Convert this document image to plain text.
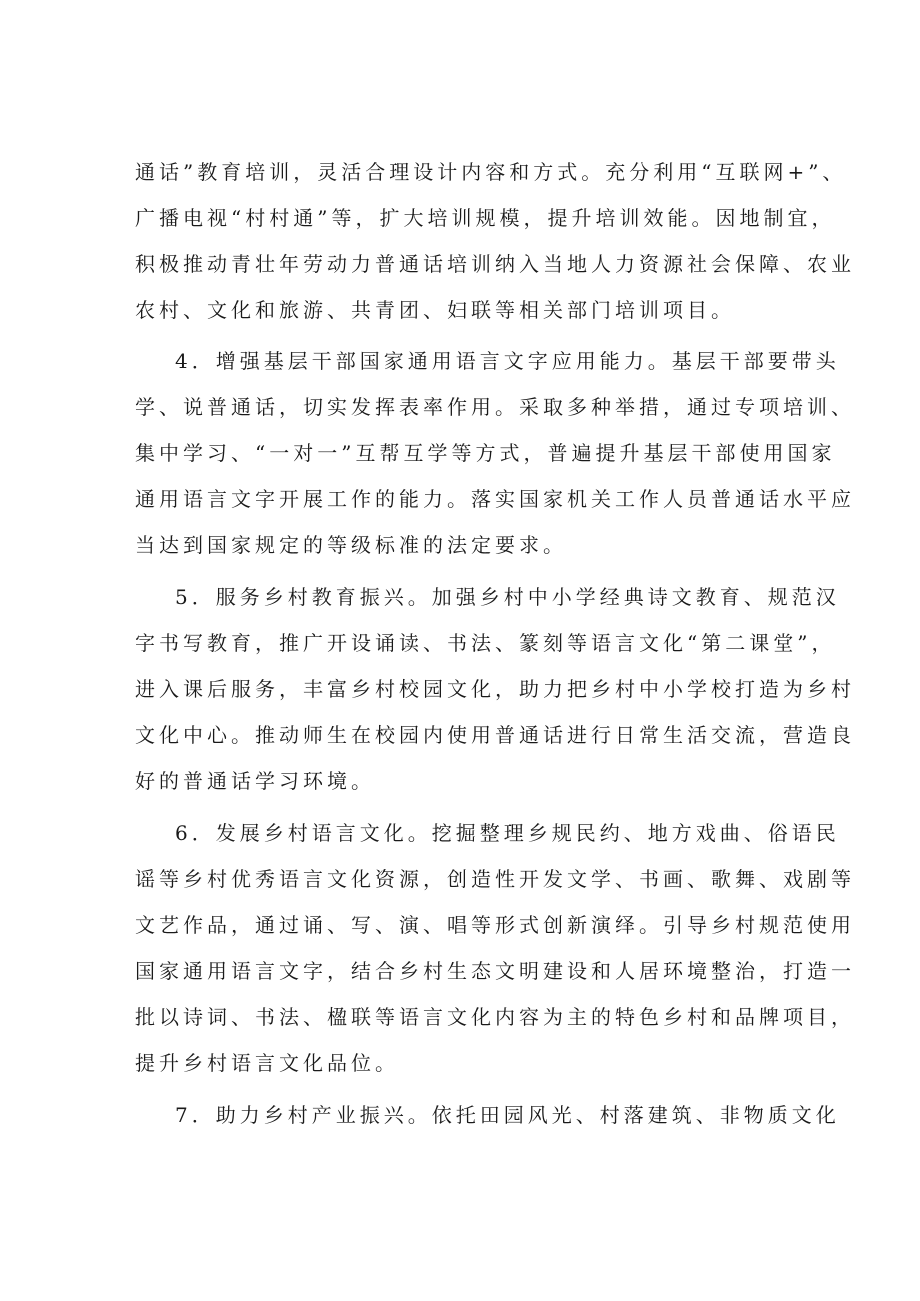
通话”教育培训，灵活合理设计内容和方式。充分利用“互联网+”、
广播电视“村村通”等，扩大培训规模，提升培训效能。因地制宜，
积极推动青壮年劳动力普通话培训纳入当地人力资源社会保障、农业
农村、文化和旅游、共青团、妇联等相关部门培训项目。
4．增强基层干部国家通用语言文字应用能力。基层干部要带头
学、说普通话，切实发挥表率作用。采取多种举措，通过专项培训、
集中学习、“一对一”互帮互学等方式，普遍提升基层干部使用国家
通用语言文字开展工作的能力。落实国家机关工作人员普通话水平应
当达到国家规定的等级标准的法定要求。
5．服务乡村教育振兴。加强乡村中小学经典诗文教育、规范汉
字书写教育，推广开设诵读、书法、篆刻等语言文化“第二课堂”，
进入课后服务，丰富乡村校园文化，助力把乡村中小学校打造为乡村
文化中心。推动师生在校园内使用普通话进行日常生活交流，营造良
好的普通话学习环境。
6．发展乡村语言文化。挖掘整理乡规民约、地方戏曲、俗语民
谣等乡村优秀语言文化资源，创造性开发文学、书画、歌舞、戏剧等
文艺作品，通过诵、写、演、唱等形式创新演绎。引导乡村规范使用
国家通用语言文字，结合乡村生态文明建设和人居环境整治，打造一
批以诗词、书法、楹联等语言文化内容为主的特色乡村和品牌项目，
提升乡村语言文化品位。
7．助力乡村产业振兴。依托田园风光、村落建筑、非物质文化
